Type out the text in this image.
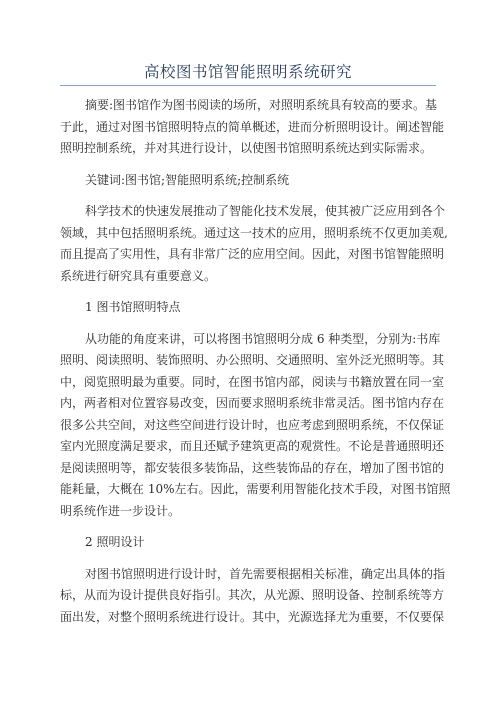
高校图书馆智能照明系统研究
摘要:图书馆作为图书阅读的场所，对照明系统具有较高的要求。基
于此，通过对图书馆照明特点的简单概述，进而分析照明设计。阐述智能
照明控制系统，并对其进行设计，以使图书馆照明系统达到实际需求。
关键词:图书馆;智能照明系统;控制系统
科学技术的快速发展推动了智能化技术发展，使其被广泛应用到各个
领域，其中包括照明系统。通过这一技术的应用，照明系统不仅更加美观,
而且提高了实用性，具有非常广泛的应用空间。因此，对图书馆智能照明
系统进行研究具有重要意义。
1 图书馆照明特点
从功能的角度来讲，可以将图书馆照明分成 6 种类型，分别为:书库
照明、阅读照明、装饰照明、办公照明、交通照明、室外泛光照明等。其
中，阅览照明最为重要。同时，在图书馆内部，阅读与书籍放置在同一室
内，两者相对位置容易改变，因而要求照明系统非常灵活。图书馆内存在
很多公共空间，对这些空间进行设计时，也应考虑到照明系统，不仅保证
室内光照度满足要求，而且还赋予建筑更高的观赏性。不论是普通照明还
是阅读照明等，都安装很多装饰品，这些装饰品的存在，增加了图书馆的
能耗量，大概在 10%左右。因此，需要利用智能化技术手段，对图书馆照
明系统作进一步设计。
2 照明设计
对图书馆照明进行设计时，首先需要根据相关标准，确定出具体的指
标，从而为设计提供良好指引。其次，从光源、照明设备、控制系统等方
面出发，对整个照明系统进行设计。其中，光源选择尤为重要，不仅要保
